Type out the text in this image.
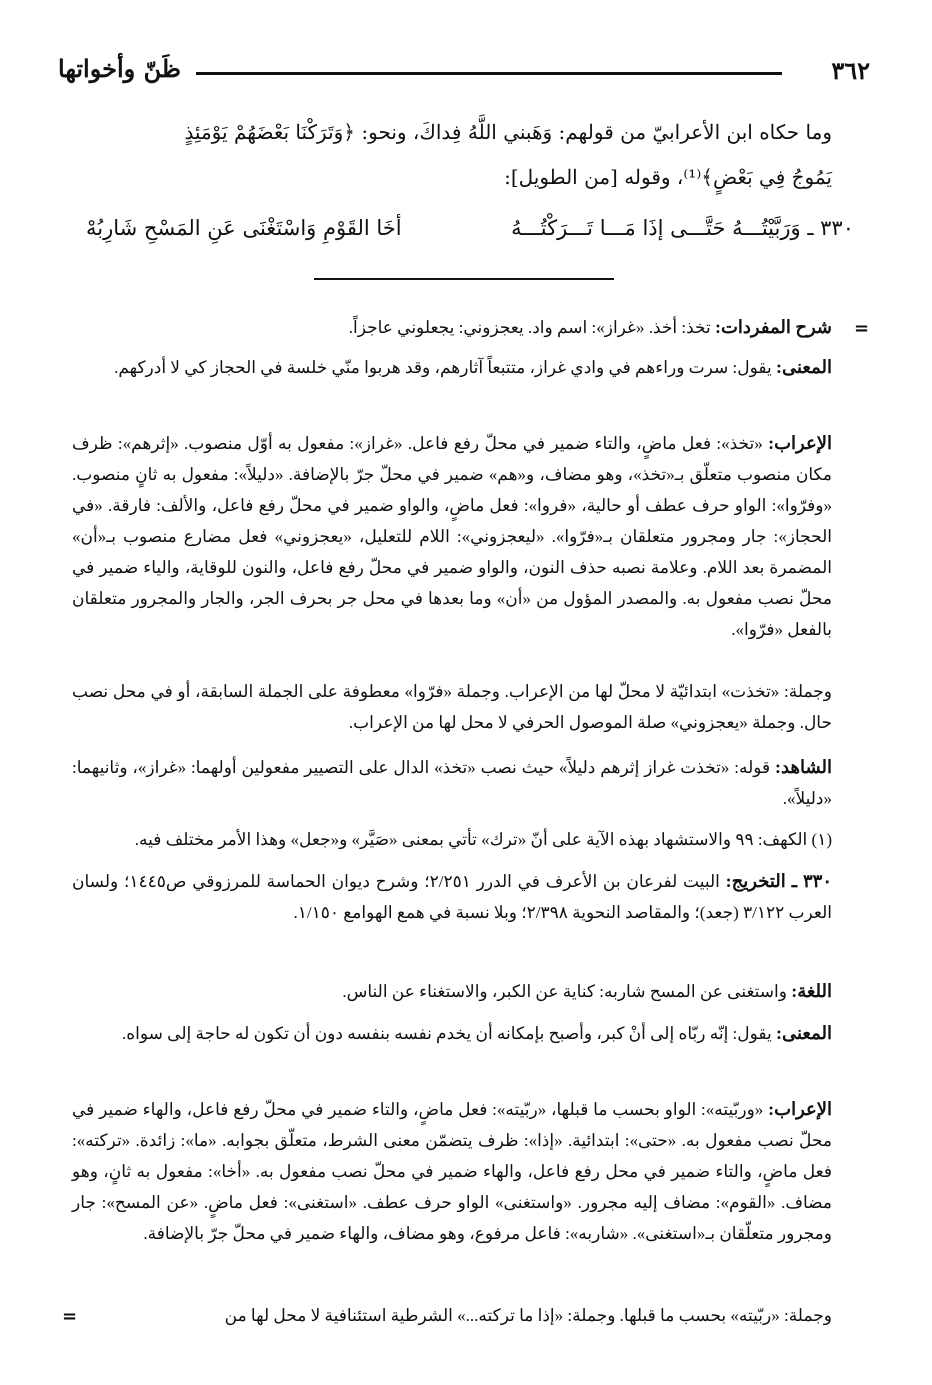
٣٦٢
ظَنّ وأخواتها
وما حكاه ابن الأعرابيّ من قولهم: وَهَبني اللَّهُ فِداكَ، ونحو: ﴿وَتَرَكْنَا بَعْضَهُمْ يَوْمَئِذٍ
يَمُوجُ فِي بَعْضٍ﴾⁽¹⁾، وقوله [من الطويل]:
٣٣٠ ـ وَرَبَّيْتُـــهُ حَتَّـــى إذَا مَـــا تَـــرَكْتُـــهُ
أخَا القَوْمِ وَاسْتَغْنَى عَنِ المَسْحِ شَارِبُهْ
=
شرح المفردات: تخذ: أخذ. «غراز»: اسم واد. يعجزوني: يجعلوني عاجزاً.
المعنى: يقول: سرت وراءهم في وادي غراز، متتبعاً آثارهم، وقد هربوا منّي خلسة في الحجاز كي لا أدركهم.
الإعراب: «تخذ»: فعل ماضٍ، والتاء ضمير في محلّ رفع فاعل. «غراز»: مفعول به أوّل منصوب. «إثرهم»: ظرف مكان منصوب متعلّق بـ«تخذ»، وهو مضاف، و«هم» ضمير في محلّ جرّ بالإضافة. «دليلاً»: مفعول به ثانٍ منصوب. «وفرّوا»: الواو حرف عطف أو حالية، «فروا»: فعل ماضٍ، والواو ضمير في محلّ رفع فاعل، والألف: فارقة. «في الحجاز»: جار ومجرور متعلقان بـ«فرّوا». «ليعجزوني»: اللام للتعليل، «يعجزوني» فعل مضارع منصوب بـ«أن» المضمرة بعد اللام. وعلامة نصبه حذف النون، والواو ضمير في محلّ رفع فاعل، والنون للوقاية، والياء ضمير في محلّ نصب مفعول به. والمصدر المؤول من «أن» وما بعدها في محل جر بحرف الجر، والجار والمجرور متعلقان بالفعل «فرّوا».
وجملة: «تخذت» ابتدائيّة لا محلّ لها من الإعراب. وجملة «فرّوا» معطوفة على الجملة السابقة، أو في محل نصب حال. وجملة «يعجزوني» صلة الموصول الحرفي لا محل لها من الإعراب.
الشاهد: قوله: «تخذت غراز إثرهم دليلاً» حيث نصب «تخذ» الدال على التصيير مفعولين أولهما: «غراز»، وثانيهما: «دليلاً».
(١) الكهف: ٩٩ والاستشهاد بهذه الآية على أنّ «ترك» تأتي بمعنى «صَيَّر» و«جعل» وهذا الأمر مختلف فيه.
٣٣٠ ـ التخريج: البيت لفرعان بن الأعرف في الدرر ٢/٢٥١؛ وشرح ديوان الحماسة للمرزوقي ص١٤٤٥؛ ولسان العرب ٣/١٢٢ (جعد)؛ والمقاصد النحوية ٢/٣٩٨؛ وبلا نسبة في همع الهوامع ١/١٥٠.
اللغة: واستغنى عن المسح شاربه: كناية عن الكبر، والاستغناء عن الناس.
المعنى: يقول: إنّه ربّاه إلى أنْ كبر، وأصبح بإمكانه أن يخدم نفسه بنفسه دون أن تكون له حاجة إلى سواه.
الإعراب: «وربّيته»: الواو بحسب ما قبلها، «ربّيته»: فعل ماضٍ، والتاء ضمير في محلّ رفع فاعل، والهاء ضمير في محلّ نصب مفعول به. «حتى»: ابتدائية. «إذا»: ظرف يتضمّن معنى الشرط، متعلّق بجوابه. «ما»: زائدة. «تركته»: فعل ماضٍ، والتاء ضمير في محل رفع فاعل، والهاء ضمير في محلّ نصب مفعول به. «أخا»: مفعول به ثانٍ، وهو مضاف. «القوم»: مضاف إليه مجرور. «واستغنى» الواو حرف عطف. «استغنى»: فعل ماضٍ. «عن المسح»: جار ومجرور متعلّقان بـ«استغنى». «شاربه»: فاعل مرفوع، وهو مضاف، والهاء ضمير في محلّ جرّ بالإضافة.
وجملة: «ربّيته» بحسب ما قبلها. وجملة: «إذا ما تركته...» الشرطية استئنافية لا محل لها من
=
